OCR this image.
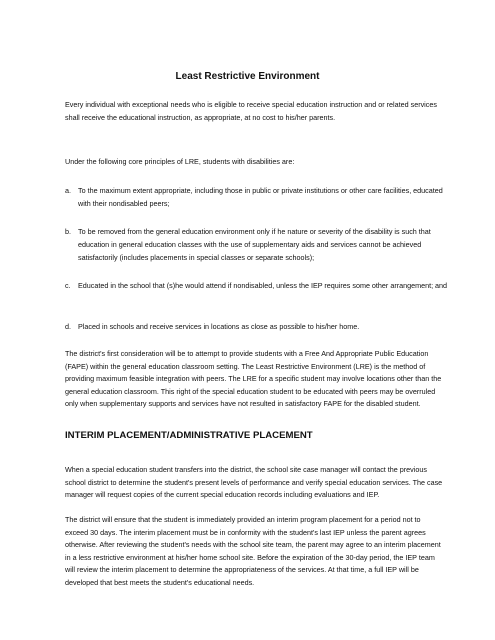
Least Restrictive Environment

Every individual with exceptional needs who is eligible to receive special education instruction and or related services shall receive the educational instruction, as appropriate, at no cost to his/her parents.

Under the following core principles of LRE, students with disabilities are:

a. To the maximum extent appropriate, including those in public or private institutions or other care facilities, educated with their nondisabled peers;
b. To be removed from the general education environment only if he nature or severity of the disability is such that education in general education classes with the use of supplementary aids and services cannot be achieved satisfactorily (includes placements in special classes or separate schools);
c.	Educated in the school that (s)he would attend if nondisabled, unless the IEP requires some other arrangement; and
d. Placed in schools and receive services in locations as close as possible to his/her home.

The district's first consideration will be to attempt to provide students with a Free And Appropriate Public Education (FAPE) within the general education classroom setting. The Least Restrictive Environment (LRE) is the method of providing maximum feasible integration with peers. The LRE for a specific student may involve locations other than the general education classroom. This right of the special education student to be educated with peers may be overruled only when supplementary supports and services have not resulted in satisfactory FAPE for the disabled student.

INTERIM PLACEMENT/ADMINISTRATIVE PLACEMENT

When a special education student transfers into the district, the school site case manager will contact the previous school district to determine the student's present levels of performance and verify special education services. The case manager will request copies of the current special education records including evaluations and IEP.

The district will ensure that the student is immediately provided an interim program placement for a period not to exceed 30 days. The interim placement must be in conformity with the student's last IEP unless the parent agrees otherwise. After reviewing the student's needs with the school site team, the parent may agree to an interim placement in a less restrictive environment at his/her home school site. Before the expiration of the 30-day period, the IEP team will review the interim placement to determine the appropriateness of the services. At that time, a full IEP will be developed that best meets the student's educational needs.
